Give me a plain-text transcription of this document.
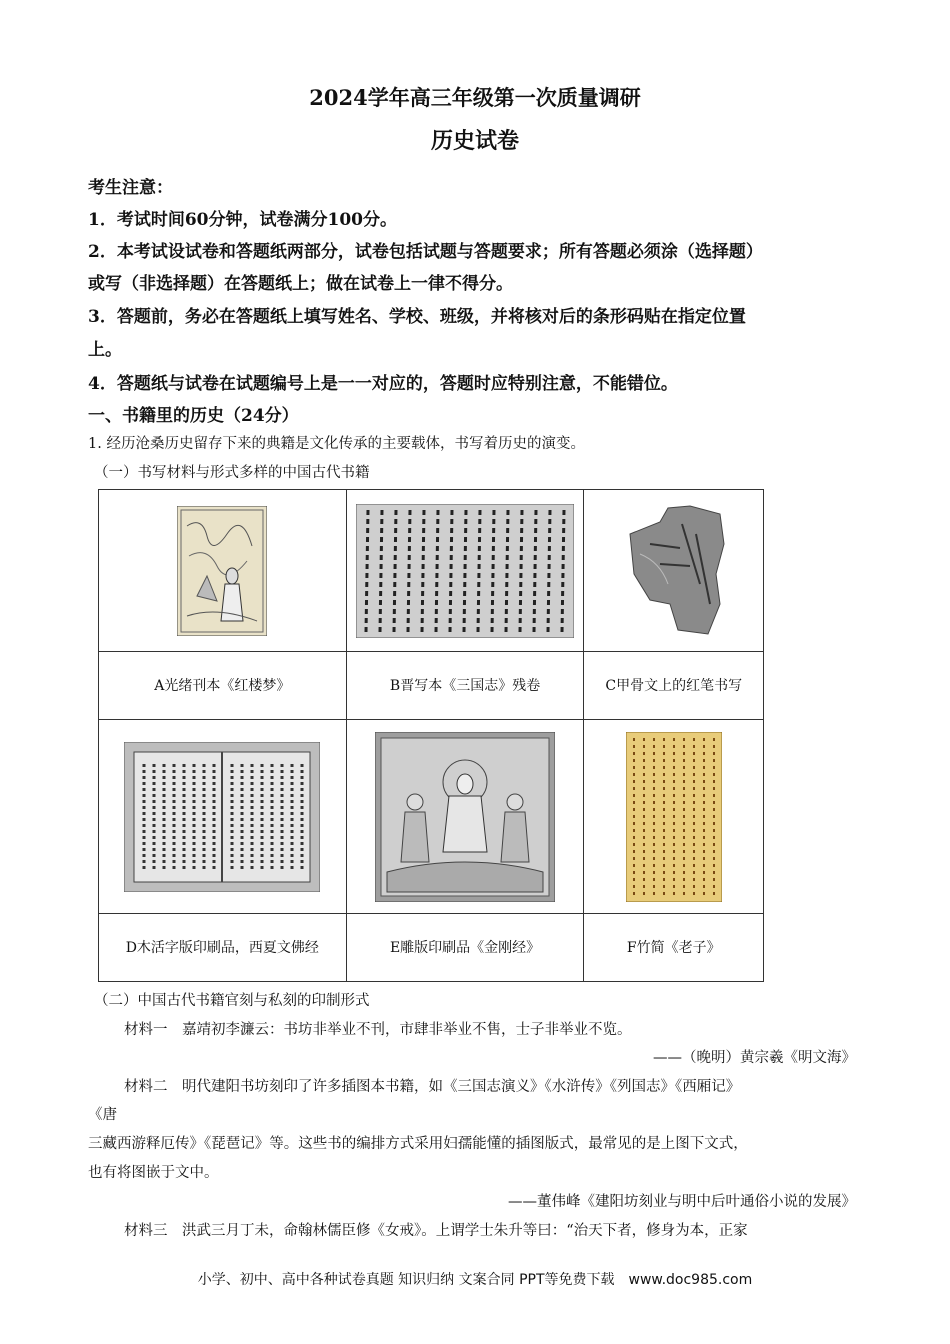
2024学年高三年级第一次质量调研
历史试卷
考生注意：
1．考试时间60分钟，试卷满分100分。
2．本考试设试卷和答题纸两部分，试卷包括试题与答题要求；所有答题必须涂（选择题）
或写（非选择题）在答题纸上；做在试卷上一律不得分。
3．答题前，务必在答题纸上填写姓名、学校、班级，并将核对后的条形码贴在指定位置
上。
4．答题纸与试卷在试题编号上是一一对应的，答题时应特别注意，不能错位。
一、书籍里的历史（24分）
1. 经历沧桑历史留存下来的典籍是文化传承的主要载体，书写着历史的演变。
（一）书写材料与形式多样的中国古代书籍

A光绪刊本《红楼梦》	B晋写本《三国志》残卷	C甲骨文上的红笔书写

D木活字版印刷品，西夏文佛经	E雕版印刷品《金刚经》	F竹简《老子》
（二）中国古代书籍官刻与私刻的印制形式
材料一　嘉靖初李濂云：书坊非举业不刊，市肆非举业不售，士子非举业不览。
——（晚明）黄宗羲《明文海》
材料二　明代建阳书坊刻印了许多插图本书籍，如《三国志演义》《水浒传》《列国志》《西厢记》
《唐
三藏西游释厄传》《琵琶记》等。这些书的编排方式采用妇孺能懂的插图版式，最常见的是上图下文式，
也有将图嵌于文中。
——董伟峰《建阳坊刻业与明中后叶通俗小说的发展》
材料三　洪武三月丁未，命翰林儒臣修《女戒》。上谓学士朱升等曰：“治天下者，修身为本，正家
小学、初中、高中各种试卷真题 知识归纳 文案合同 PPT等免费下载　www.doc985.com
